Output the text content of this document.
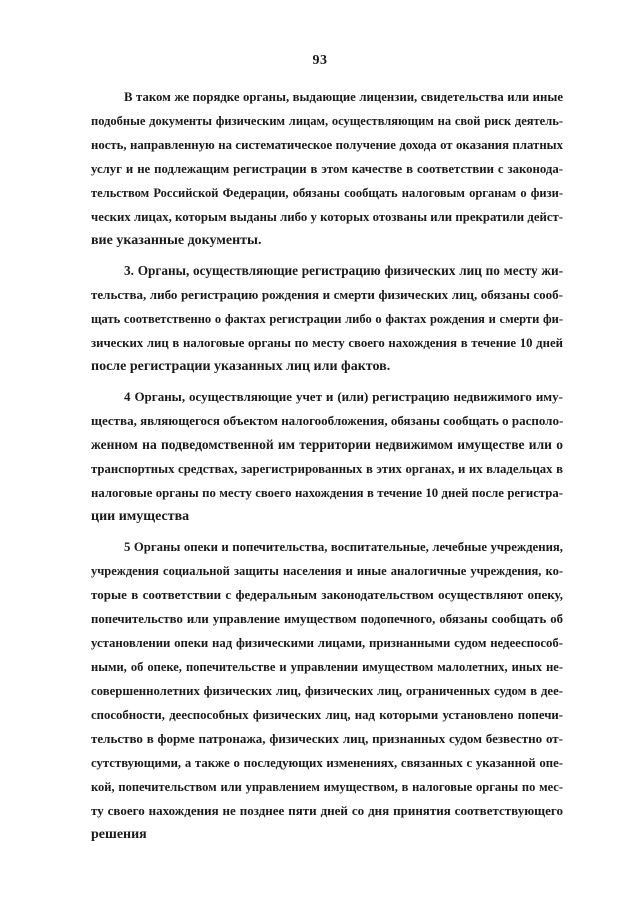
93
В таком же порядке органы, выдающие лицензии, свидетельства или иные
подобные документы физическим лицам, осуществляющим на свой риск деятель-
ность, направленную на систематическое получение дохода от оказания платных
услуг и не подлежащим регистрации в этом качестве в соответствии с законода-
тельством Российской Федерации, обязаны сообщать налоговым органам о физи-
ческих лицах, которым выданы либо у которых отозваны или прекратили дейст-
вие указанные документы.
3. Органы, осуществляющие регистрацию физических лиц по месту жи-
тельства, либо регистрацию рождения и смерти физических лиц, обязаны сооб-
щать соответственно о фактах регистрации либо о фактах рождения и смерти фи-
зических лиц в налоговые органы по месту своего нахождения в течение 10 дней
после регистрации указанных лиц или фактов.
4 Органы, осуществляющие учет и (или) регистрацию недвижимого иму-
щества, являющегося объектом налогообложения, обязаны сообщать о располо-
женном на подведомственной им территории недвижимом имуществе или о
транспортных средствах, зарегистрированных в этих органах, и их владельцах в
налоговые органы по месту своего нахождения в течение 10 дней после регистра-
ции имущества
5 Органы опеки и попечительства, воспитательные, лечебные учреждения,
учреждения социальной защиты населения и иные аналогичные учреждения, ко-
торые в соответствии с федеральным законодательством осуществляют опеку,
попечительство или управление имуществом подопечного, обязаны сообщать об
установлении опеки над физическими лицами, признанными судом недееспособ-
ными, об опеке, попечительстве и управлении имуществом малолетних, иных не-
совершеннолетних физических лиц, физических лиц, ограниченных судом в дее-
способности, дееспособных физических лиц, над которыми установлено попечи-
тельство в форме патронажа, физических лиц, признанных судом безвестно от-
сутствующими, а также о последующих изменениях, связанных с указанной опе-
кой, попечительством или управлением имуществом, в налоговые органы по мес-
ту своего нахождения не позднее пяти дней со дня принятия соответствующего
решения
